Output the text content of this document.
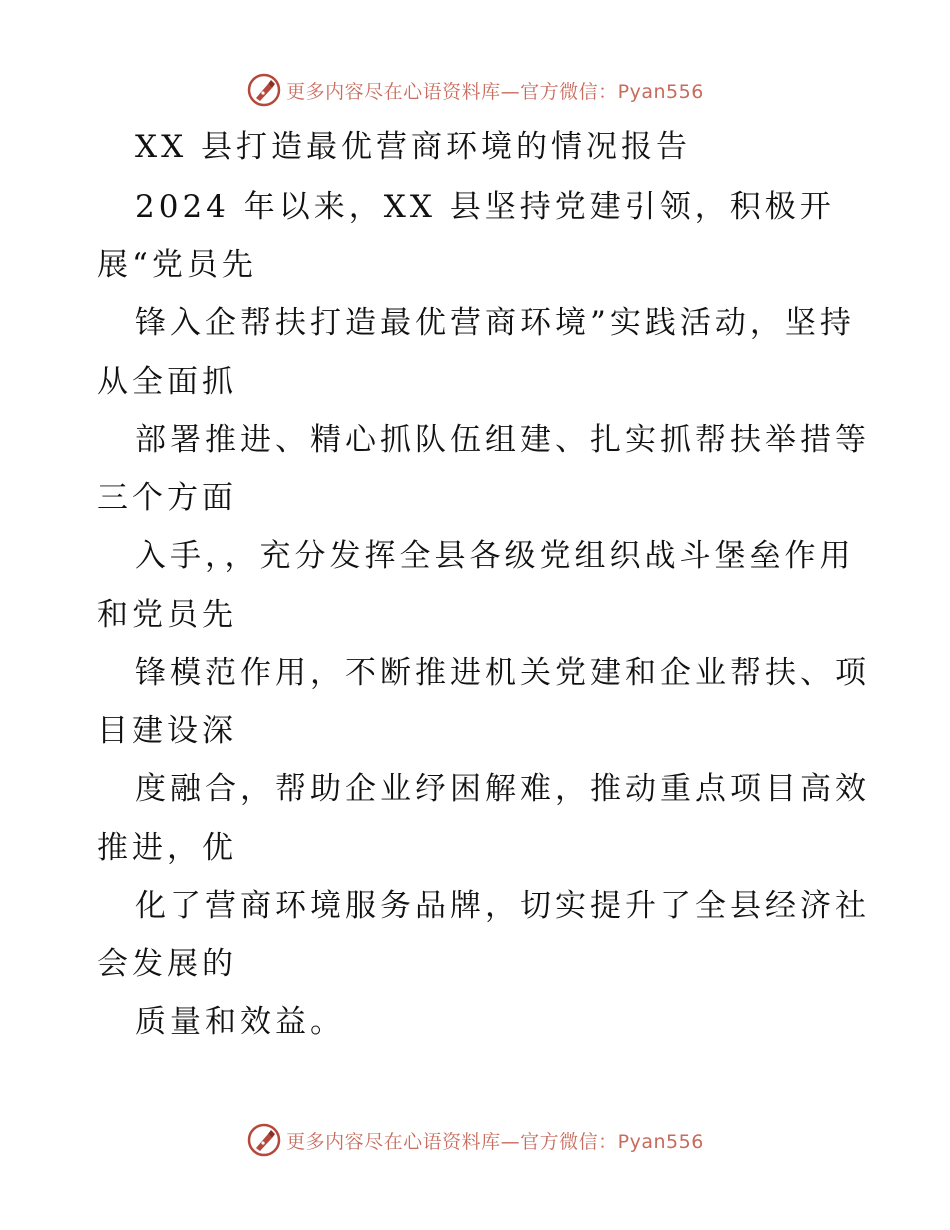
更多内容尽在心语资料库—官方微信：Pyan556
XX 县打造最优营商环境的情况报告
2024 年以来，XX 县坚持党建引领，积极开
展“党员先
锋入企帮扶打造最优营商环境”实践活动，坚持
从全面抓
部署推进、精心抓队伍组建、扎实抓帮扶举措等
三个方面
入手，，充分发挥全县各级党组织战斗堡垒作用
和党员先
锋模范作用，不断推进机关党建和企业帮扶、项
目建设深
度融合，帮助企业纾困解难，推动重点项目高效
推进，优
化了营商环境服务品牌，切实提升了全县经济社
会发展的
质量和效益。
更多内容尽在心语资料库—官方微信：Pyan556
